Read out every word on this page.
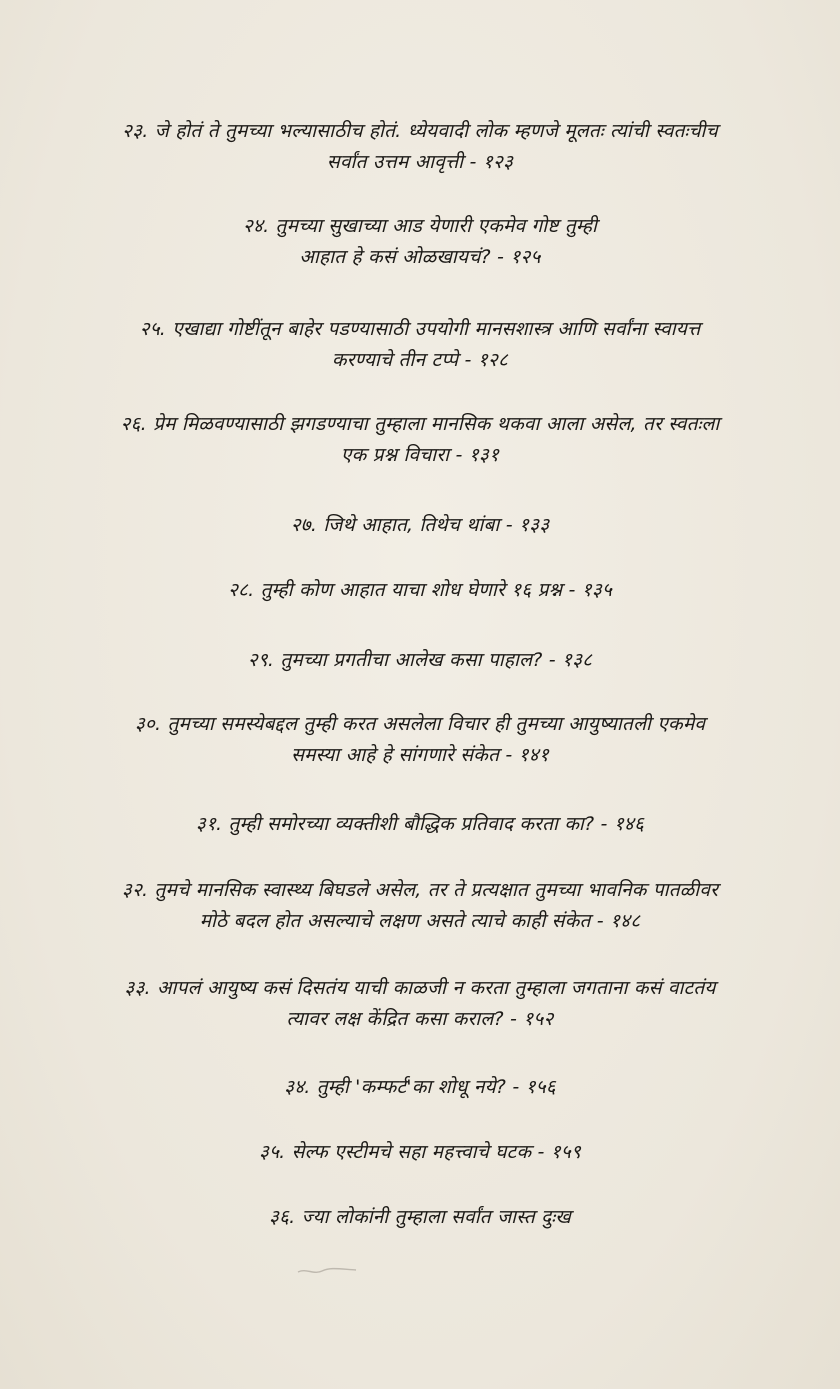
२३. जे होतं ते तुमच्या भल्यासाठीच होतं. ध्येयवादी लोक म्हणजे मूलतः त्यांची स्वतःचीच
सर्वांत उत्तम आवृत्ती - १२३
२४. तुमच्या सुखाच्या आड येणारी एकमेव गोष्ट तुम्ही
आहात हे कसं ओळखायचं? - १२५
२५. एखाद्या गोष्टींतून बाहेर पडण्यासाठी उपयोगी मानसशास्त्र आणि सर्वांना स्वायत्त
करण्याचे तीन टप्पे - १२८
२६. प्रेम मिळवण्यासाठी झगडण्याचा तुम्हाला मानसिक थकवा आला असेल, तर स्वतःला
एक प्रश्न विचारा - १३१
२७. जिथे आहात, तिथेच थांबा - १३३
२८. तुम्ही कोण आहात याचा शोध घेणारे १६ प्रश्न - १३५
२९. तुमच्या प्रगतीचा आलेख कसा पाहाल? - १३८
३०. तुमच्या समस्येबद्दल तुम्ही करत असलेला विचार ही तुमच्या आयुष्यातली एकमेव
समस्या आहे हे सांगणारे संकेत - १४१
३१. तुम्ही समोरच्या व्यक्तीशी बौद्धिक प्रतिवाद करता का? - १४६
३२. तुमचे मानसिक स्वास्थ्य बिघडले असेल, तर ते प्रत्यक्षात तुमच्या भावनिक पातळीवर
मोठे बदल होत असल्याचे लक्षण असते त्याचे काही संकेत - १४८
३३. आपलं आयुष्य कसं दिसतंय याची काळजी न करता तुम्हाला जगताना कसं वाटतंय
त्यावर लक्ष केंद्रित कसा कराल? - १५२
३४. तुम्ही 'कम्फर्ट'का शोधू नये? - १५६
३५. सेल्फ एस्टीमचे सहा महत्त्वाचे घटक - १५९
३६. ज्या लोकांनी तुम्हाला सर्वांत जास्त दुःख
